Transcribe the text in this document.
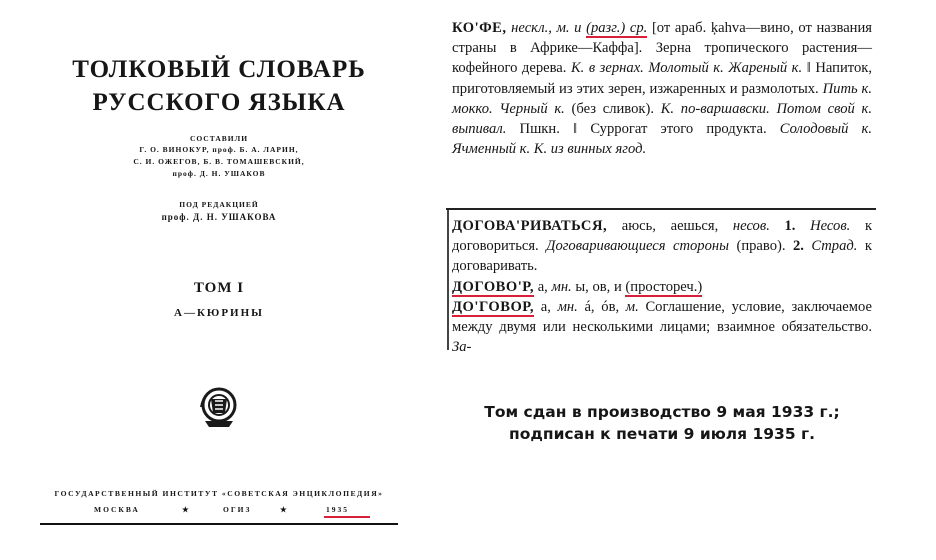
ТОЛКОВЫЙ СЛОВАРЬ
РУССКОГО ЯЗЫКА
СОСТАВИЛИ
Г. О. ВИНОКУР, проф. Б. А. ЛАРИН,
С. И. ОЖЕГОВ, Б. В. ТОМАШЕВСКИЙ,
проф. Д. Н. УШАКОВ
ПОД РЕДАКЦИЕЙ
проф. Д. Н. УШАКОВА
ТОМ I
А—КЮРИНЫ
ГОСУДАРСТВЕННЫЙ ИНСТИТУТ «СОВЕТСКАЯ ЭНЦИКЛОПЕДИЯ»
МОСКВА	★	ОГИЗ	★	1935

КО'ФЕ, нескл., м. и (разг.) ср. [от араб. ķahva—вино, от названия страны в Африке—Каффа]. Зерна тропического растения—кофейного дерева. К. в зернах. Молотый к. Жареный к. ‖ Напиток, приготовляемый из этих зерен, изжаренных и размолотых. Пить к. мокко. Черный к. (без сливок). К. по-варшавски. Потом свой к. выпивал. Пшкн. ‖ Суррогат этого продукта. Солодовый к. Ячменный к. К. из винных ягод.

ДОГОВА'РИВАТЬСЯ, аюсь, аешься, несов. 1. Несов. к договориться. Договаривающиеся стороны (право). 2. Страд. к договаривать.

ДОГОВО'Р, а, мн. ы, ов, и (простореч.)

ДО'ГОВОР, а, мн. á, óв, м. Соглашение, условие, заключаемое между двумя или несколькими лицами; взаимное обязательство. За-

Том сдан в производство 9 мая 1933 г.;
подписан к печати 9 июля 1935 г.
